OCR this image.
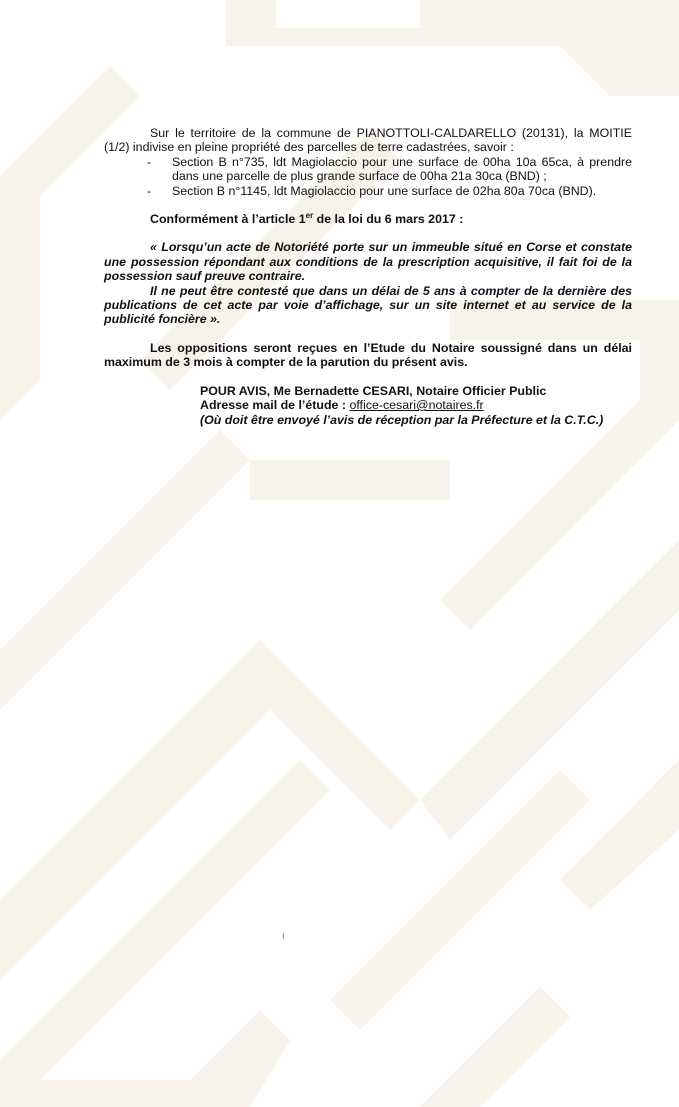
Sur le territoire de la commune de PIANOTTOLI-CALDARELLO (20131), la MOITIE (1/2) indivise en pleine propriété des parcelles de terre cadastrées, savoir :

- Section B n°735, ldt Magiolaccio pour une surface de 00ha 10a 65ca, à prendre dans une parcelle de plus grande surface de 00ha 21a 30ca (BND) ;
- Section B n°1145, ldt Magiolaccio pour une surface de 02ha 80a 70ca (BND).

Conformément à l’article 1er de la loi du 6 mars 2017 :

« Lorsqu’un acte de Notoriété porte sur un immeuble situé en Corse et constate une possession répondant aux conditions de la prescription acquisitive, il fait foi de la possession sauf preuve contraire.

Il ne peut être contesté que dans un délai de 5 ans à compter de la dernière des publications de cet acte par voie d’affichage, sur un site internet et au service de la publicité foncière ».

Les oppositions seront reçues en l’Etude du Notaire soussigné dans un délai maximum de 3 mois à compter de la parution du présent avis.

POUR AVIS, Me Bernadette CESARI, Notaire Officier Public
Adresse mail de l’étude : office-cesari@notaires.fr
(Où doit être envoyé l’avis de réception par la Préfecture et la C.T.C.)
